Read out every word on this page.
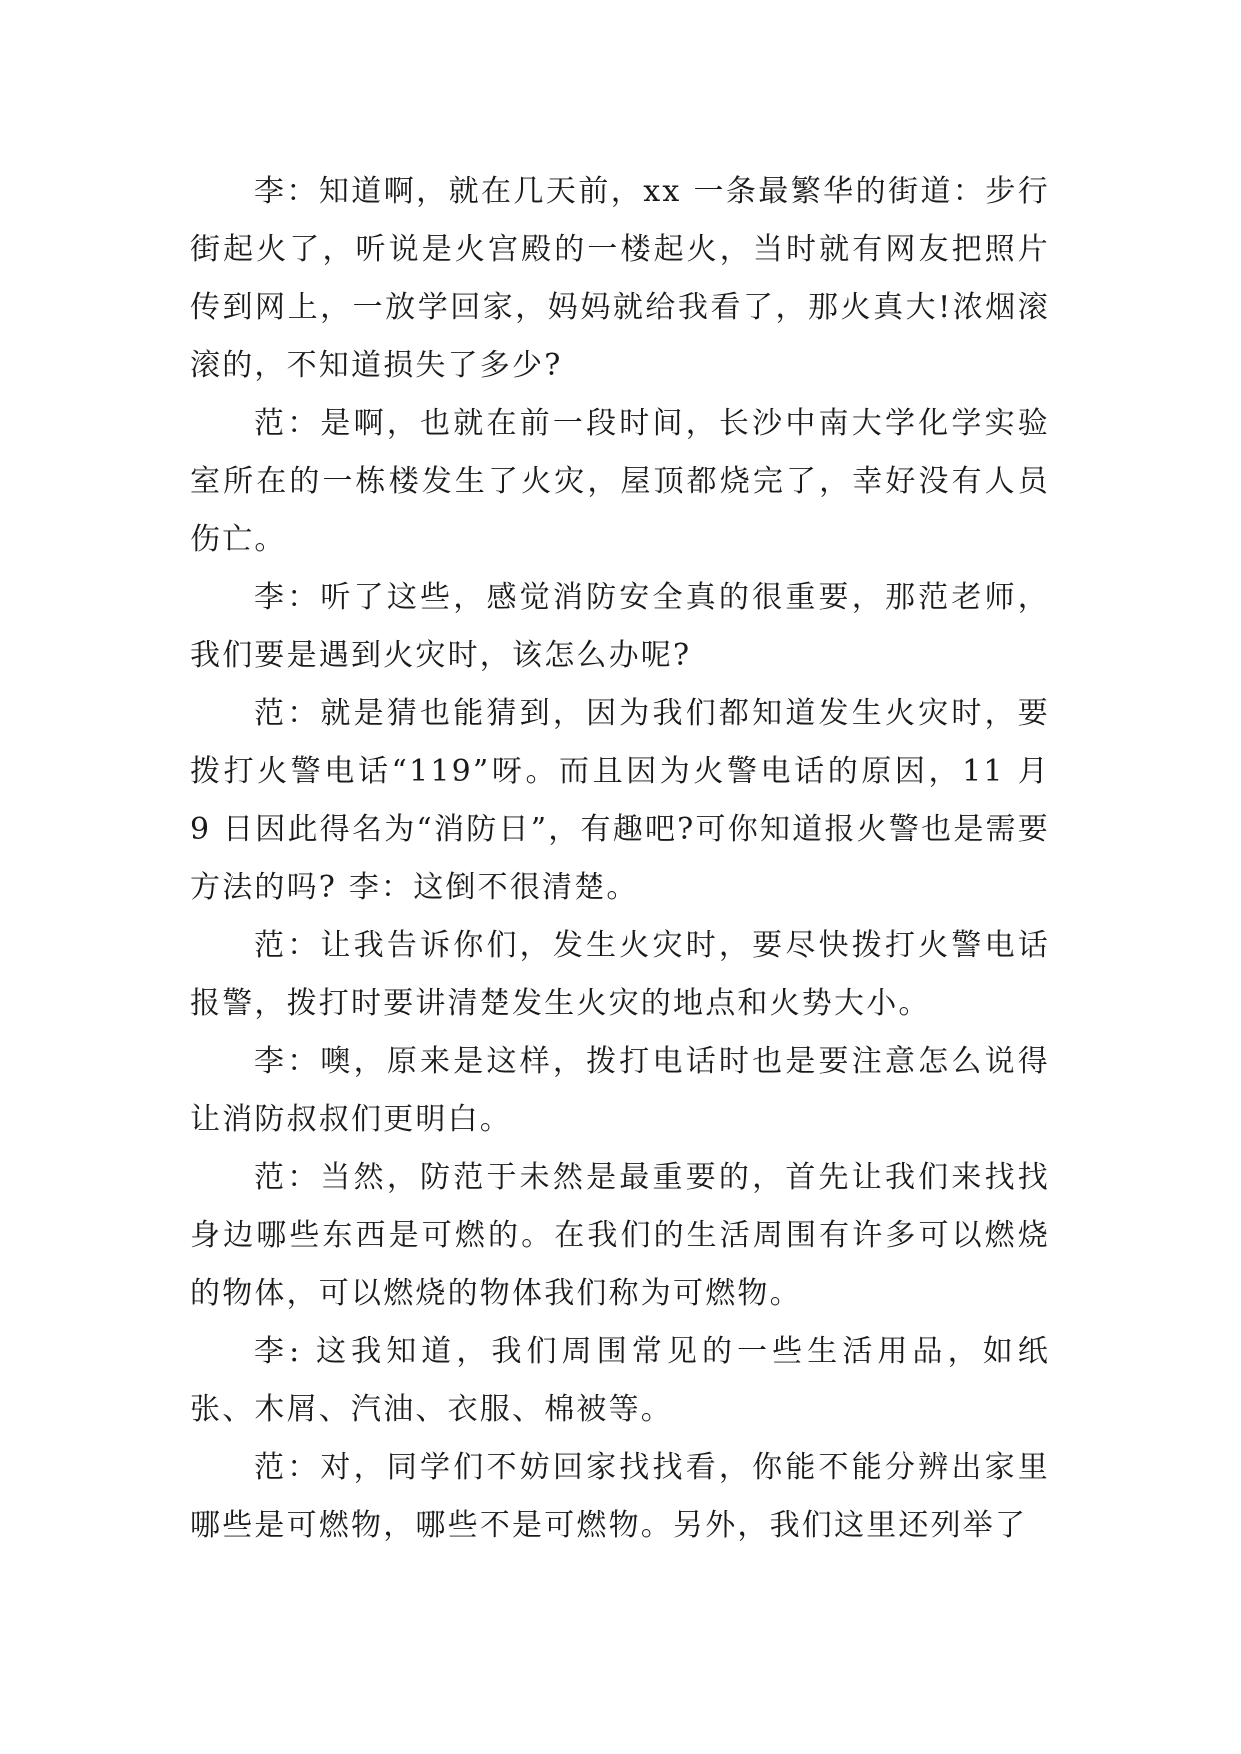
李：知道啊，就在几天前，xx 一条最繁华的街道：步行街起火了，听说是火宫殿的一楼起火，当时就有网友把照片传到网上，一放学回家，妈妈就给我看了，那火真大!浓烟滚滚的，不知道损失了多少?

范：是啊，也就在前一段时间，长沙中南大学化学实验室所在的一栋楼发生了火灾，屋顶都烧完了，幸好没有人员伤亡。

李：听了这些，感觉消防安全真的很重要，那范老师，我们要是遇到火灾时，该怎么办呢?

范：就是猜也能猜到，因为我们都知道发生火灾时，要拨打火警电话“119”呀。而且因为火警电话的原因，11 月 9 日因此得名为“消防日”，有趣吧?可你知道报火警也是需要方法的吗? 李：这倒不很清楚。

范：让我告诉你们，发生火灾时，要尽快拨打火警电话报警，拨打时要讲清楚发生火灾的地点和火势大小。

李：噢，原来是这样，拨打电话时也是要注意怎么说得让消防叔叔们更明白。

范：当然，防范于未然是最重要的，首先让我们来找找身边哪些东西是可燃的。在我们的生活周围有许多可以燃烧的物体，可以燃烧的物体我们称为可燃物。

李: 这我知道，我们周围常见的一些生活用品，如纸张、木屑、汽油、衣服、棉被等。

范：对，同学们不妨回家找找看，你能不能分辨出家里哪些是可燃物，哪些不是可燃物。另外，我们这里还列举了
